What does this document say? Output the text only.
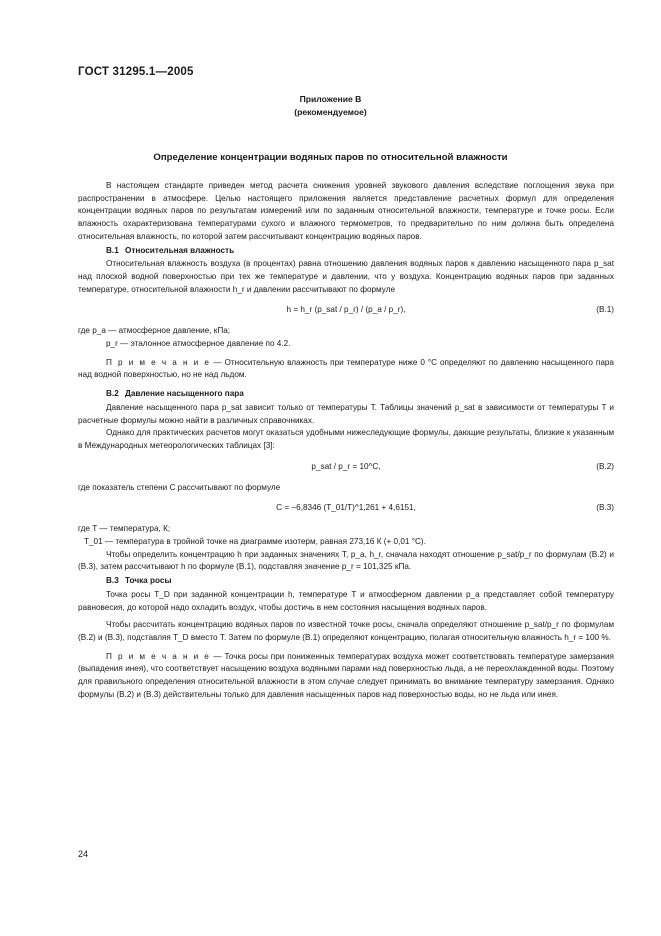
ГОСТ 31295.1—2005
Приложение В
(рекомендуемое)
Определение концентрации водяных паров по относительной влажности

В настоящем стандарте приведен метод расчета снижения уровней звукового давления вследствие поглощения звука при распространении в атмосфере. Целью настоящего приложения является представление расчетных формул для определения концентрации водяных паров по результатам измерений или по заданным относительной влажности, температуре и точке росы. Если влажность охарактеризована температурами сухого и влажного термометров, то предварительно по ним должна быть определена относительная влажность, по которой затем рассчитывают концентрацию водяных паров.

В.1 Относительная влажность

Относительная влажность воздуха (в процентах) равна отношению давления водяных паров к давлению насыщенного пара p_sat над плоской водной поверхностью при тех же температуре и давлении, что у воздуха. Концентрацию водяных паров при заданных температуре, относительной влажности h_r и давлении рассчитывают по формуле

h = h_r (p_sat / p_r) / (p_a / p_r),	(B.1)

где p_a — атмосферное давление, кПа;

p_r — эталонное атмосферное давление по 4.2.

П р и м е ч а н и е — Относительную влажность при температуре ниже 0 °С определяют по давлению насыщенного пара над водной поверхностью, но не над льдом.

В.2 Давление насыщенного пара

Давление насыщенного пара p_sat зависит только от температуры T. Таблицы значений p_sat в зависимости от температуры T и расчетные формулы можно найти в различных справочниках.

Однако для практических расчетов могут оказаться удобными нижеследующие формулы, дающие результаты, близкие к указанным в Международных метеорологических таблицах [3]:

p_sat / p_r = 10^C,	(B.2)

где показатель степени C рассчитывают по формуле

C = −6,8346 (T_01/T)^1,261 + 4,6151,	(B.3)

где T — температура, К;

T_01 — температура в тройной точке на диаграмме изотерм, равная 273,16 К (+ 0,01 °С).

Чтобы определить концентрацию h при заданных значениях T, p_a, h_r, сначала находят отношение p_sat/p_r по формулам (В.2) и (В.3), затем рассчитывают h по формуле (В.1), подставляя значение p_r = 101,325 кПа.

В.3 Точка росы

Точка росы T_D при заданной концентрации h, температуре T и атмосферном давлении p_a представляет собой температуру равновесия, до которой надо охладить воздух, чтобы достичь в нем состояния насыщения водяных паров.

Чтобы рассчитать концентрацию водяных паров по известной точке росы, сначала определяют отношение p_sat/p_r по формулам (В.2) и (В.3), подставляя T_D вместо T. Затем по формуле (В.1) определяют концентрацию, полагая относительную влажность h_r = 100 %.

П р и м е ч а н и е — Точка росы при пониженных температурах воздуха может соответствовать температуре замерзания (выпадения инея), что соответствует насыщению воздуха водяными парами над поверхностью льда, а не переохлажденной воды. Поэтому для правильного определения относительной влажности в этом случае следует принимать во внимание температуру замерзания. Однако формулы (В.2) и (В.3) действительны только для давления насыщенных паров над поверхностью воды, но не льда или инея.

24
